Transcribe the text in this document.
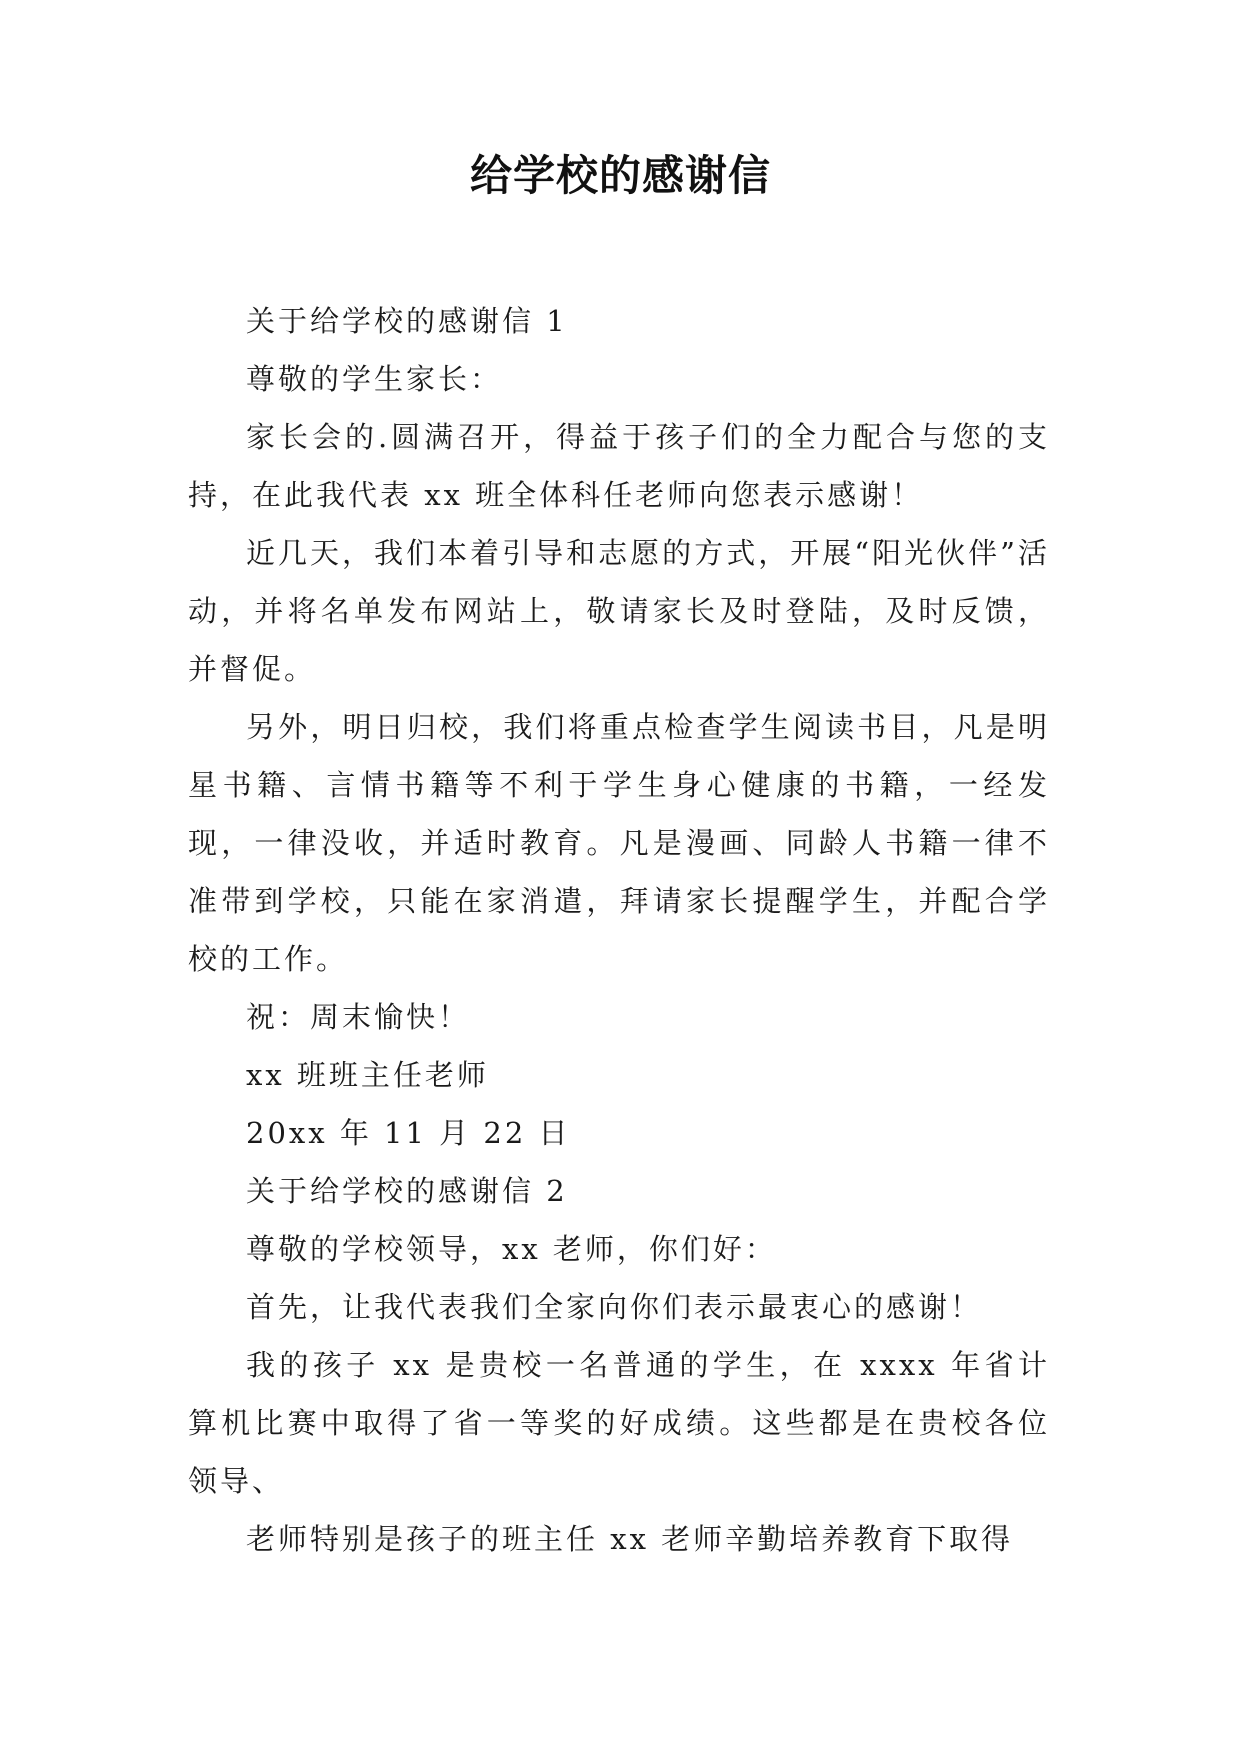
给学校的感谢信

关于给学校的感谢信 1

尊敬的学生家长：

家长会的.圆满召开，得益于孩子们的全力配合与您的支持，在此我代表 xx 班全体科任老师向您表示感谢！

近几天，我们本着引导和志愿的方式，开展“阳光伙伴”活动，并将名单发布网站上，敬请家长及时登陆，及时反馈，并督促。

另外，明日归校，我们将重点检查学生阅读书目，凡是明星书籍、言情书籍等不利于学生身心健康的书籍，一经发现，一律没收，并适时教育。凡是漫画、同龄人书籍一律不准带到学校，只能在家消遣，拜请家长提醒学生，并配合学校的工作。

祝：周末愉快！

xx 班班主任老师

20xx 年 11 月 22 日

关于给学校的感谢信 2

尊敬的学校领导，xx 老师，你们好：

首先，让我代表我们全家向你们表示最衷心的感谢！

我的孩子 xx 是贵校一名普通的学生，在 xxxx 年省计算机比赛中取得了省一等奖的好成绩。这些都是在贵校各位领导、

老师特别是孩子的班主任 xx 老师辛勤培养教育下取得
